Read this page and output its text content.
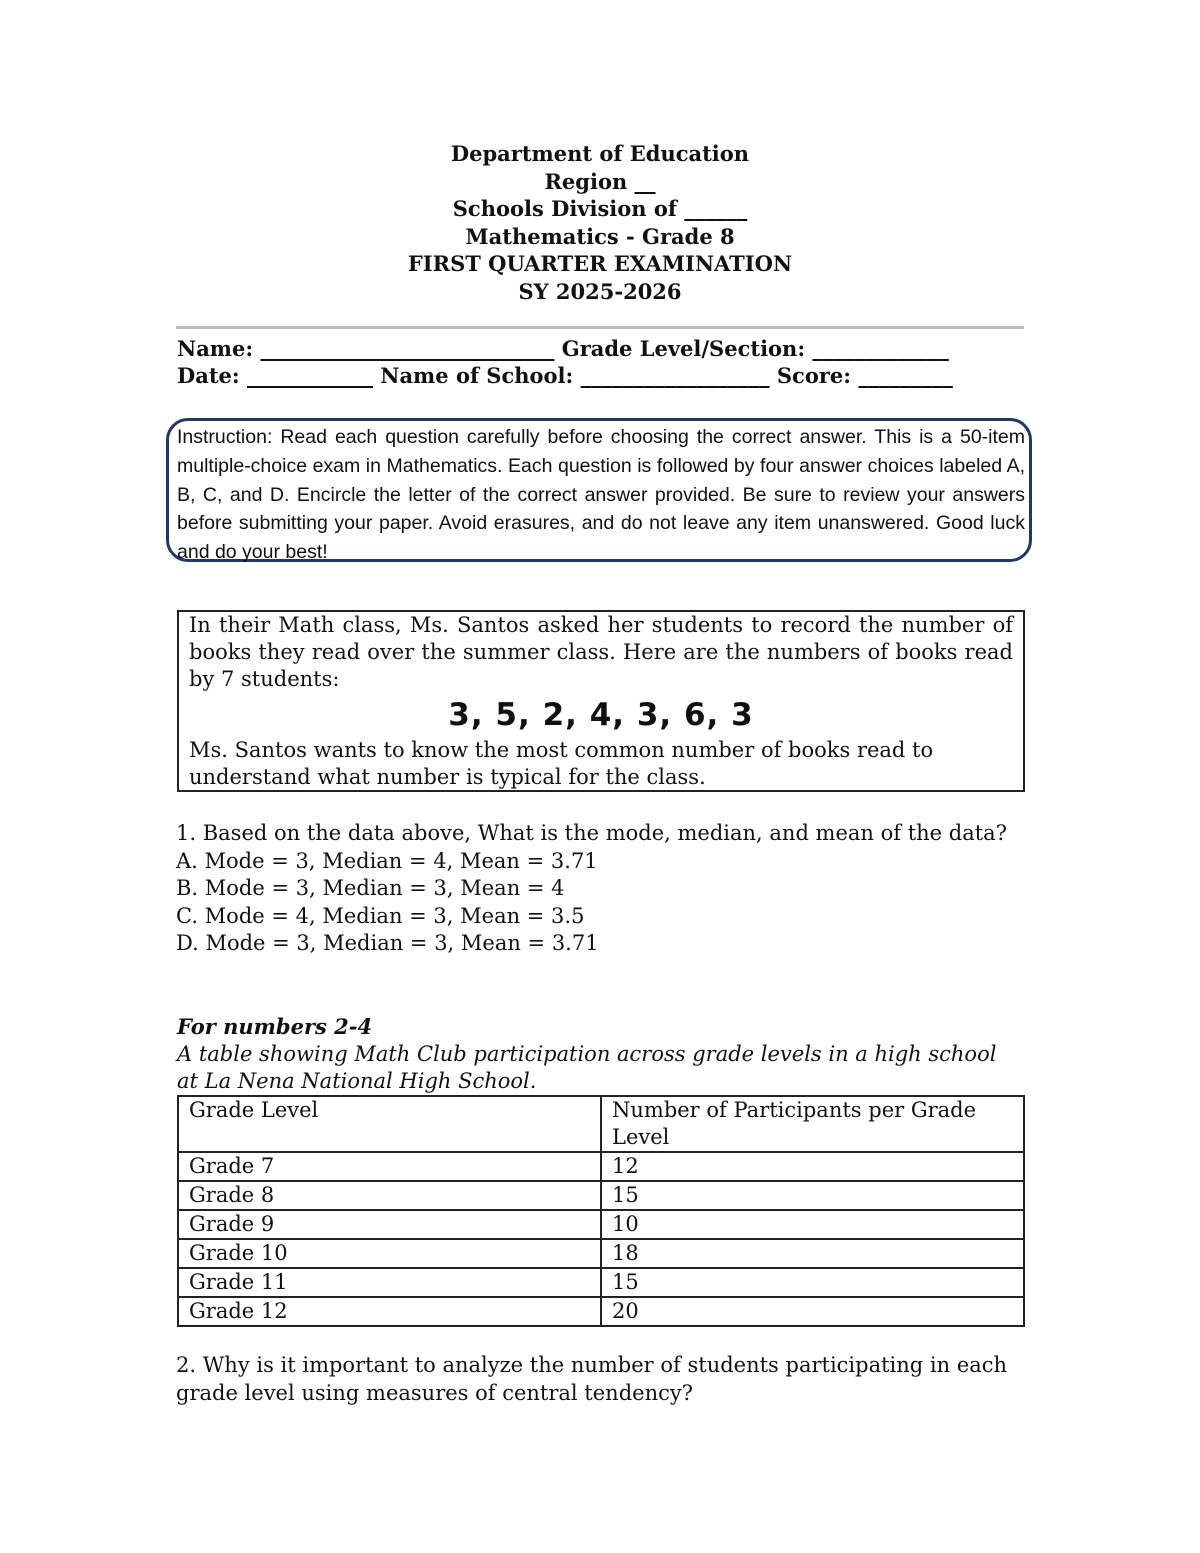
Department of Education
Region __
Schools Division of ______
Mathematics - Grade 8
FIRST QUARTER EXAMINATION
SY 2025-2026
Name: ____________________________ Grade Level/Section: _____________
Date: ____________ Name of School: __________________ Score: _________
Instruction: Read each question carefully before choosing the correct answer. This is a 50-item multiple-choice exam in Mathematics. Each question is followed by four answer choices labeled A, B, C, and D. Encircle the letter of the correct answer provided. Be sure to review your answers before submitting your paper. Avoid erasures, and do not leave any item unanswered. Good luck and do your best!
In their Math class, Ms. Santos asked her students to record the number of books they read over the summer class. Here are the numbers of books read by 7 students:
3, 5, 2, 4, 3, 6, 3
Ms. Santos wants to know the most common number of books read to understand what number is typical for the class.
1. Based on the data above, What is the mode, median, and mean of the data?
A. Mode = 3, Median = 4, Mean = 3.71
B. Mode = 3, Median = 3, Mean = 4
C. Mode = 4, Median = 3, Mean = 3.5
D. Mode = 3, Median = 3, Mean = 3.71
For numbers 2-4
A table showing Math Club participation across grade levels in a high school at La Nena National High School.
Grade Level	Number of Participants per Grade Level
Grade 7	12
Grade 8	15
Grade 9	10
Grade 10	18
Grade 11	15
Grade 12	20
2. Why is it important to analyze the number of students participating in each grade level using measures of central tendency?
